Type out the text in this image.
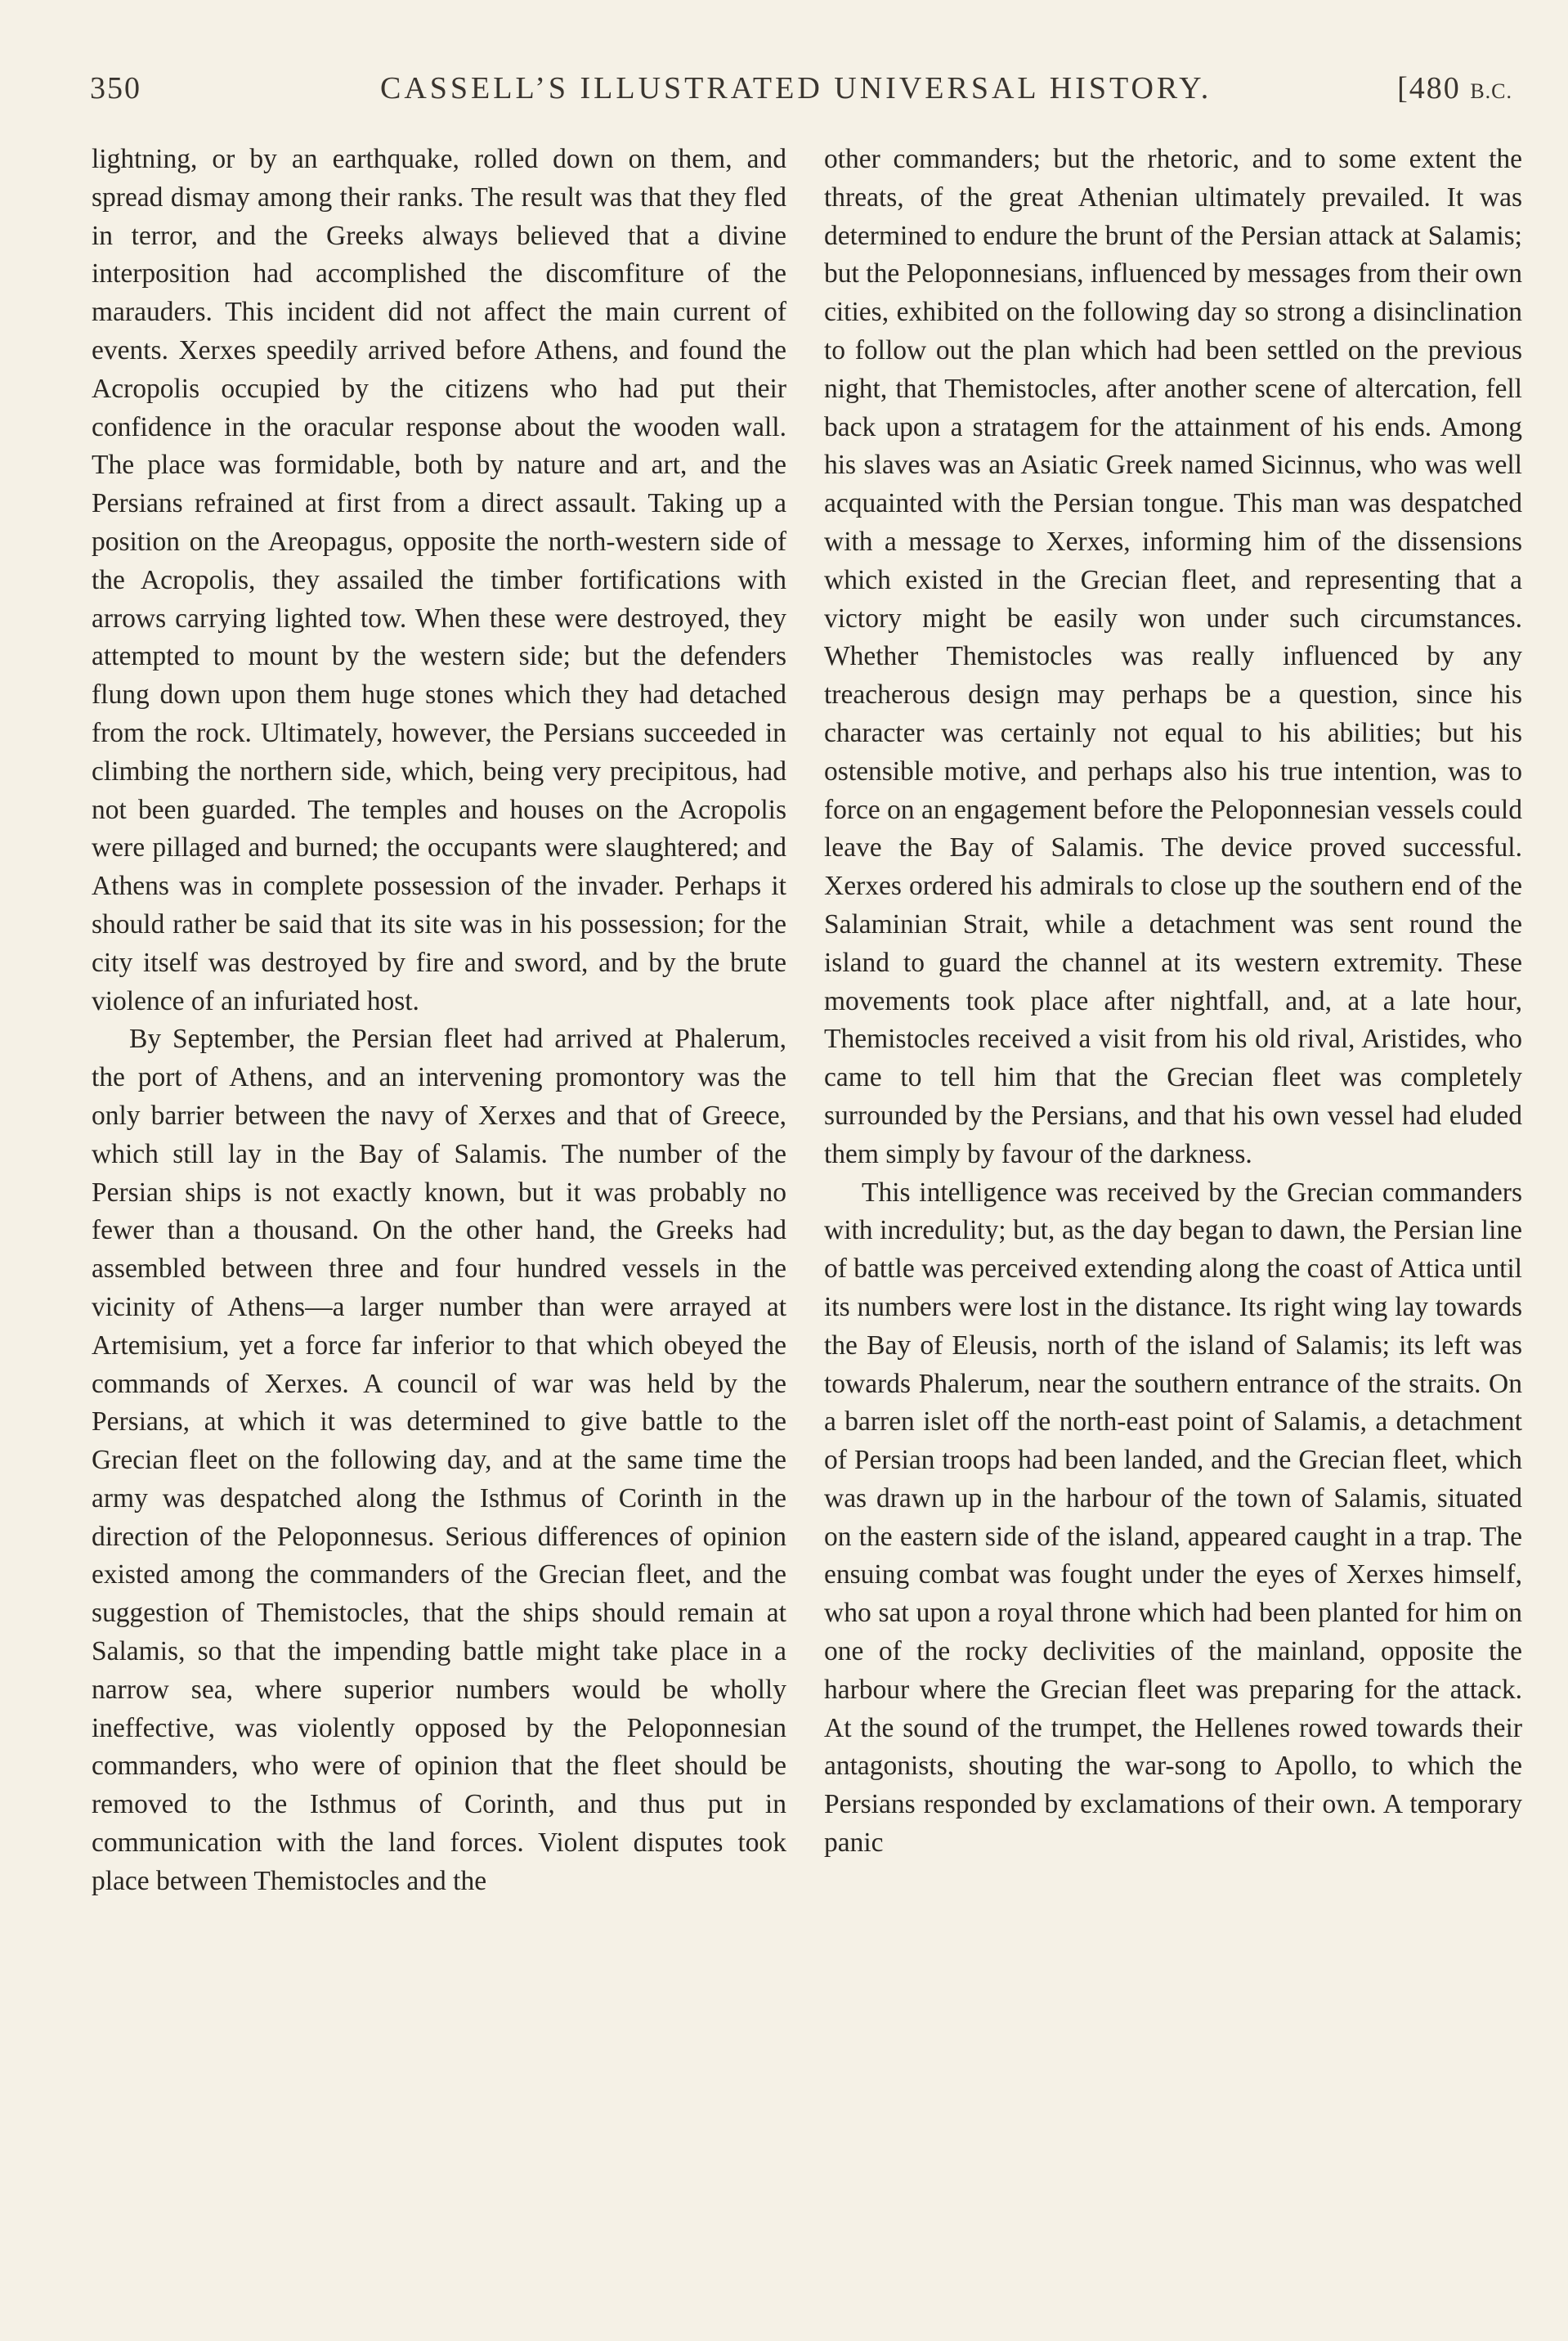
350	CASSELL’S ILLUSTRATED UNIVERSAL HISTORY.	[480 B.C.

lightning, or by an earthquake, rolled down on them, and spread dismay among their ranks. The result was that they fled in terror, and the Greeks always believed that a divine interposition had accomplished the discomfiture of the marauders. This incident did not affect the main current of events. Xerxes speedily arrived before Athens, and found the Acropolis occupied by the citizens who had put their confidence in the oracular response about the wooden wall. The place was formidable, both by nature and art, and the Persians refrained at first from a direct assault. Taking up a position on the Areopagus, opposite the north-western side of the Acropolis, they assailed the timber fortifications with arrows carrying lighted tow. When these were destroyed, they attempted to mount by the western side; but the defenders flung down upon them huge stones which they had detached from the rock. Ultimately, however, the Persians succeeded in climbing the northern side, which, being very precipitous, had not been guarded. The temples and houses on the Acropolis were pillaged and burned; the occupants were slaughtered; and Athens was in complete possession of the invader. Perhaps it should rather be said that its site was in his possession; for the city itself was destroyed by fire and sword, and by the brute violence of an infuriated host.

By September, the Persian fleet had arrived at Phalerum, the port of Athens, and an intervening promontory was the only barrier between the navy of Xerxes and that of Greece, which still lay in the Bay of Salamis. The number of the Persian ships is not exactly known, but it was probably no fewer than a thousand. On the other hand, the Greeks had assembled between three and four hundred vessels in the vicinity of Athens—a larger number than were arrayed at Artemisium, yet a force far inferior to that which obeyed the commands of Xerxes. A council of war was held by the Persians, at which it was determined to give battle to the Grecian fleet on the following day, and at the same time the army was despatched along the Isthmus of Corinth in the direction of the Peloponnesus. Serious differences of opinion existed among the commanders of the Grecian fleet, and the suggestion of Themistocles, that the ships should remain at Salamis, so that the impending battle might take place in a narrow sea, where superior numbers would be wholly ineffective, was violently opposed by the Peloponnesian commanders, who were of opinion that the fleet should be removed to the Isthmus of Corinth, and thus put in communication with the land forces. Violent disputes took place between Themistocles and the

other commanders; but the rhetoric, and to some extent the threats, of the great Athenian ultimately prevailed. It was determined to endure the brunt of the Persian attack at Salamis; but the Peloponnesians, influenced by messages from their own cities, exhibited on the following day so strong a disinclination to follow out the plan which had been settled on the previous night, that Themistocles, after another scene of altercation, fell back upon a stratagem for the attainment of his ends. Among his slaves was an Asiatic Greek named Sicinnus, who was well acquainted with the Persian tongue. This man was despatched with a message to Xerxes, informing him of the dissensions which existed in the Grecian fleet, and representing that a victory might be easily won under such circumstances. Whether Themistocles was really influenced by any treacherous design may perhaps be a question, since his character was certainly not equal to his abilities; but his ostensible motive, and perhaps also his true intention, was to force on an engagement before the Peloponnesian vessels could leave the Bay of Salamis. The device proved successful. Xerxes ordered his admirals to close up the southern end of the Salaminian Strait, while a detachment was sent round the island to guard the channel at its western extremity. These movements took place after nightfall, and, at a late hour, Themistocles received a visit from his old rival, Aristides, who came to tell him that the Grecian fleet was completely surrounded by the Persians, and that his own vessel had eluded them simply by favour of the darkness.

This intelligence was received by the Grecian commanders with incredulity; but, as the day began to dawn, the Persian line of battle was perceived extending along the coast of Attica until its numbers were lost in the distance. Its right wing lay towards the Bay of Eleusis, north of the island of Salamis; its left was towards Phalerum, near the southern entrance of the straits. On a barren islet off the north-east point of Salamis, a detachment of Persian troops had been landed, and the Grecian fleet, which was drawn up in the harbour of the town of Salamis, situated on the eastern side of the island, appeared caught in a trap. The ensuing combat was fought under the eyes of Xerxes himself, who sat upon a royal throne which had been planted for him on one of the rocky declivities of the mainland, opposite the harbour where the Grecian fleet was preparing for the attack. At the sound of the trumpet, the Hellenes rowed towards their antagonists, shouting the war-song to Apollo, to which the Persians responded by exclamations of their own. A temporary panic
